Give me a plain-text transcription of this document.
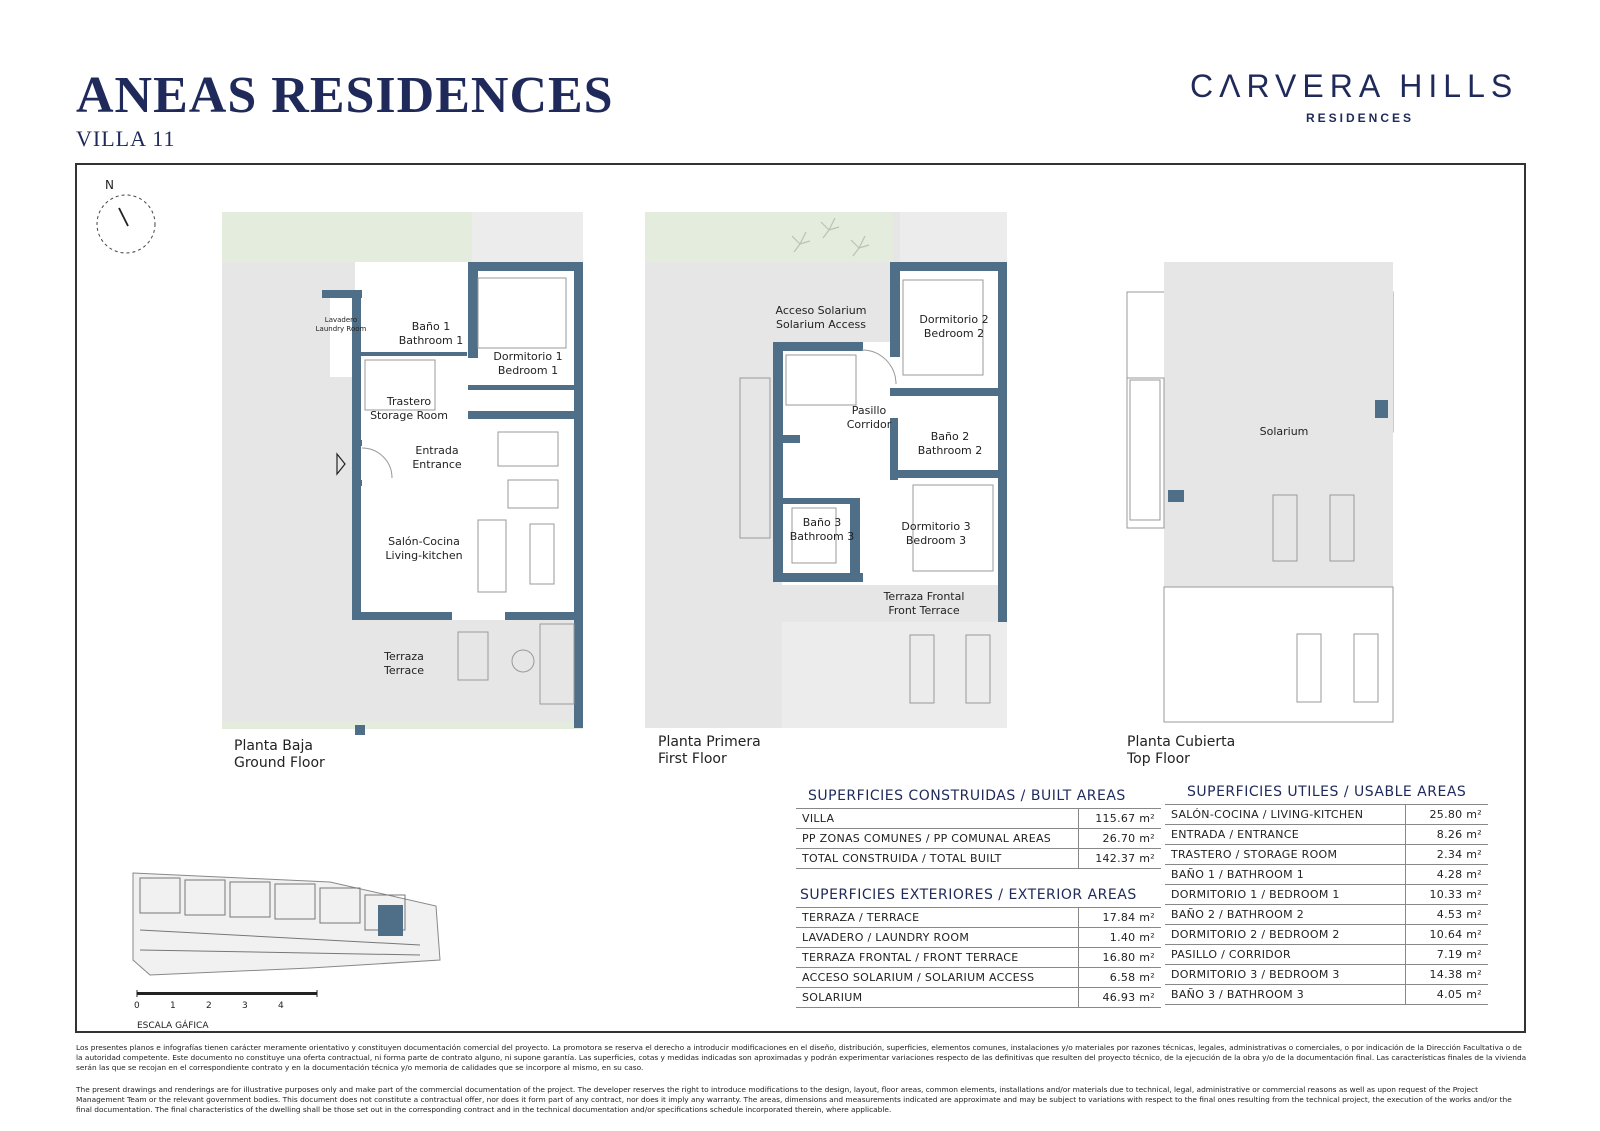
ANEAS RESIDENCES
VILLA 11
CΛRVERA HILLS
RESIDENCES
N
Lavadero
Laundry Room	Baño 1
Bathroom 1
Dormitorio 1
Bedroom 1
Trastero
Storage Room
Entrada
Entrance
Salón-Cocina
Living-kitchen
Terraza
Terrace
Acceso Solarium
Solarium Access	Dormitorio 2
Bedroom 2
Pasillo
Corridor
Baño 2
Bathroom 2
Baño 3
Bathroom 3
Dormitorio 3
Bedroom 3
Terraza Frontal
Front Terrace
Solarium
Planta Baja
Ground Floor
Planta Primera
First Floor
Planta Cubierta
Top Floor
SUPERFICIES CONSTRUIDAS / BUILT AREAS
VILLA	115.67 m²
PP ZONAS COMUNES / PP COMUNAL AREAS	26.70 m²
TOTAL CONSTRUIDA / TOTAL BUILT	142.37 m²
SUPERFICIES EXTERIORES / EXTERIOR AREAS
TERRAZA / TERRACE	17.84 m²
LAVADERO / LAUNDRY ROOM	1.40 m²
TERRAZA FRONTAL / FRONT TERRACE	16.80 m²
ACCESO SOLARIUM / SOLARIUM ACCESS	6.58 m²
SOLARIUM	46.93 m²
SUPERFICIES UTILES / USABLE AREAS
SALÓN-COCINA / LIVING-KITCHEN	25.80 m²
ENTRADA / ENTRANCE	8.26 m²
TRASTERO / STORAGE ROOM	2.34 m²
BAÑO 1 / BATHROOM 1	4.28 m²
DORMITORIO 1 / BEDROOM 1	10.33 m²
BAÑO 2 / BATHROOM 2	4.53 m²
DORMITORIO 2 / BEDROOM 2	10.64 m²
PASILLO / CORRIDOR	7.19 m²
DORMITORIO 3 / BEDROOM 3	14.38 m²
BAÑO 3 / BATHROOM 3	4.05 m²
0	1	2	3	4
ESCALA GÁFICA
Los presentes planos e infografías tienen carácter meramente orientativo y constituyen documentación comercial del proyecto. La promotora se reserva el derecho a introducir modificaciones en el diseño, distribución, superficies, elementos comunes, instalaciones y/o materiales por razones técnicas, legales, administrativas o comerciales, o por indicación de la Dirección Facultativa o de la autoridad competente. Este documento no constituye una oferta contractual, ni forma parte de contrato alguno, ni supone garantía. Las superficies, cotas y medidas indicadas son aproximadas y podrán experimentar variaciones respecto de las definitivas que resulten del proyecto técnico, de la ejecución de la obra y/o de la documentación final. Las características finales de la vivienda serán las que se recojan en el correspondiente contrato y en la documentación técnica y/o memoria de calidades que se incorpore al mismo, en su caso.
The present drawings and renderings are for illustrative purposes only and make part of the commercial documentation of the project. The developer reserves the right to introduce modifications to the design, layout, floor areas, common elements, installations and/or materials due to technical, legal, administrative or commercial reasons as well as upon request of the Project Management Team or the relevant government bodies. This document does not constitute a contractual offer, nor does it form part of any contract, nor does it imply any warranty. The areas, dimensions and measurements indicated are approximate and may be subject to variations with respect to the final ones resulting from the technical project, the execution of the works and/or the final documentation. The final characteristics of the dwelling shall be those set out in the corresponding contract and in the technical documentation and/or specifications schedule incorporated therein, where applicable.
